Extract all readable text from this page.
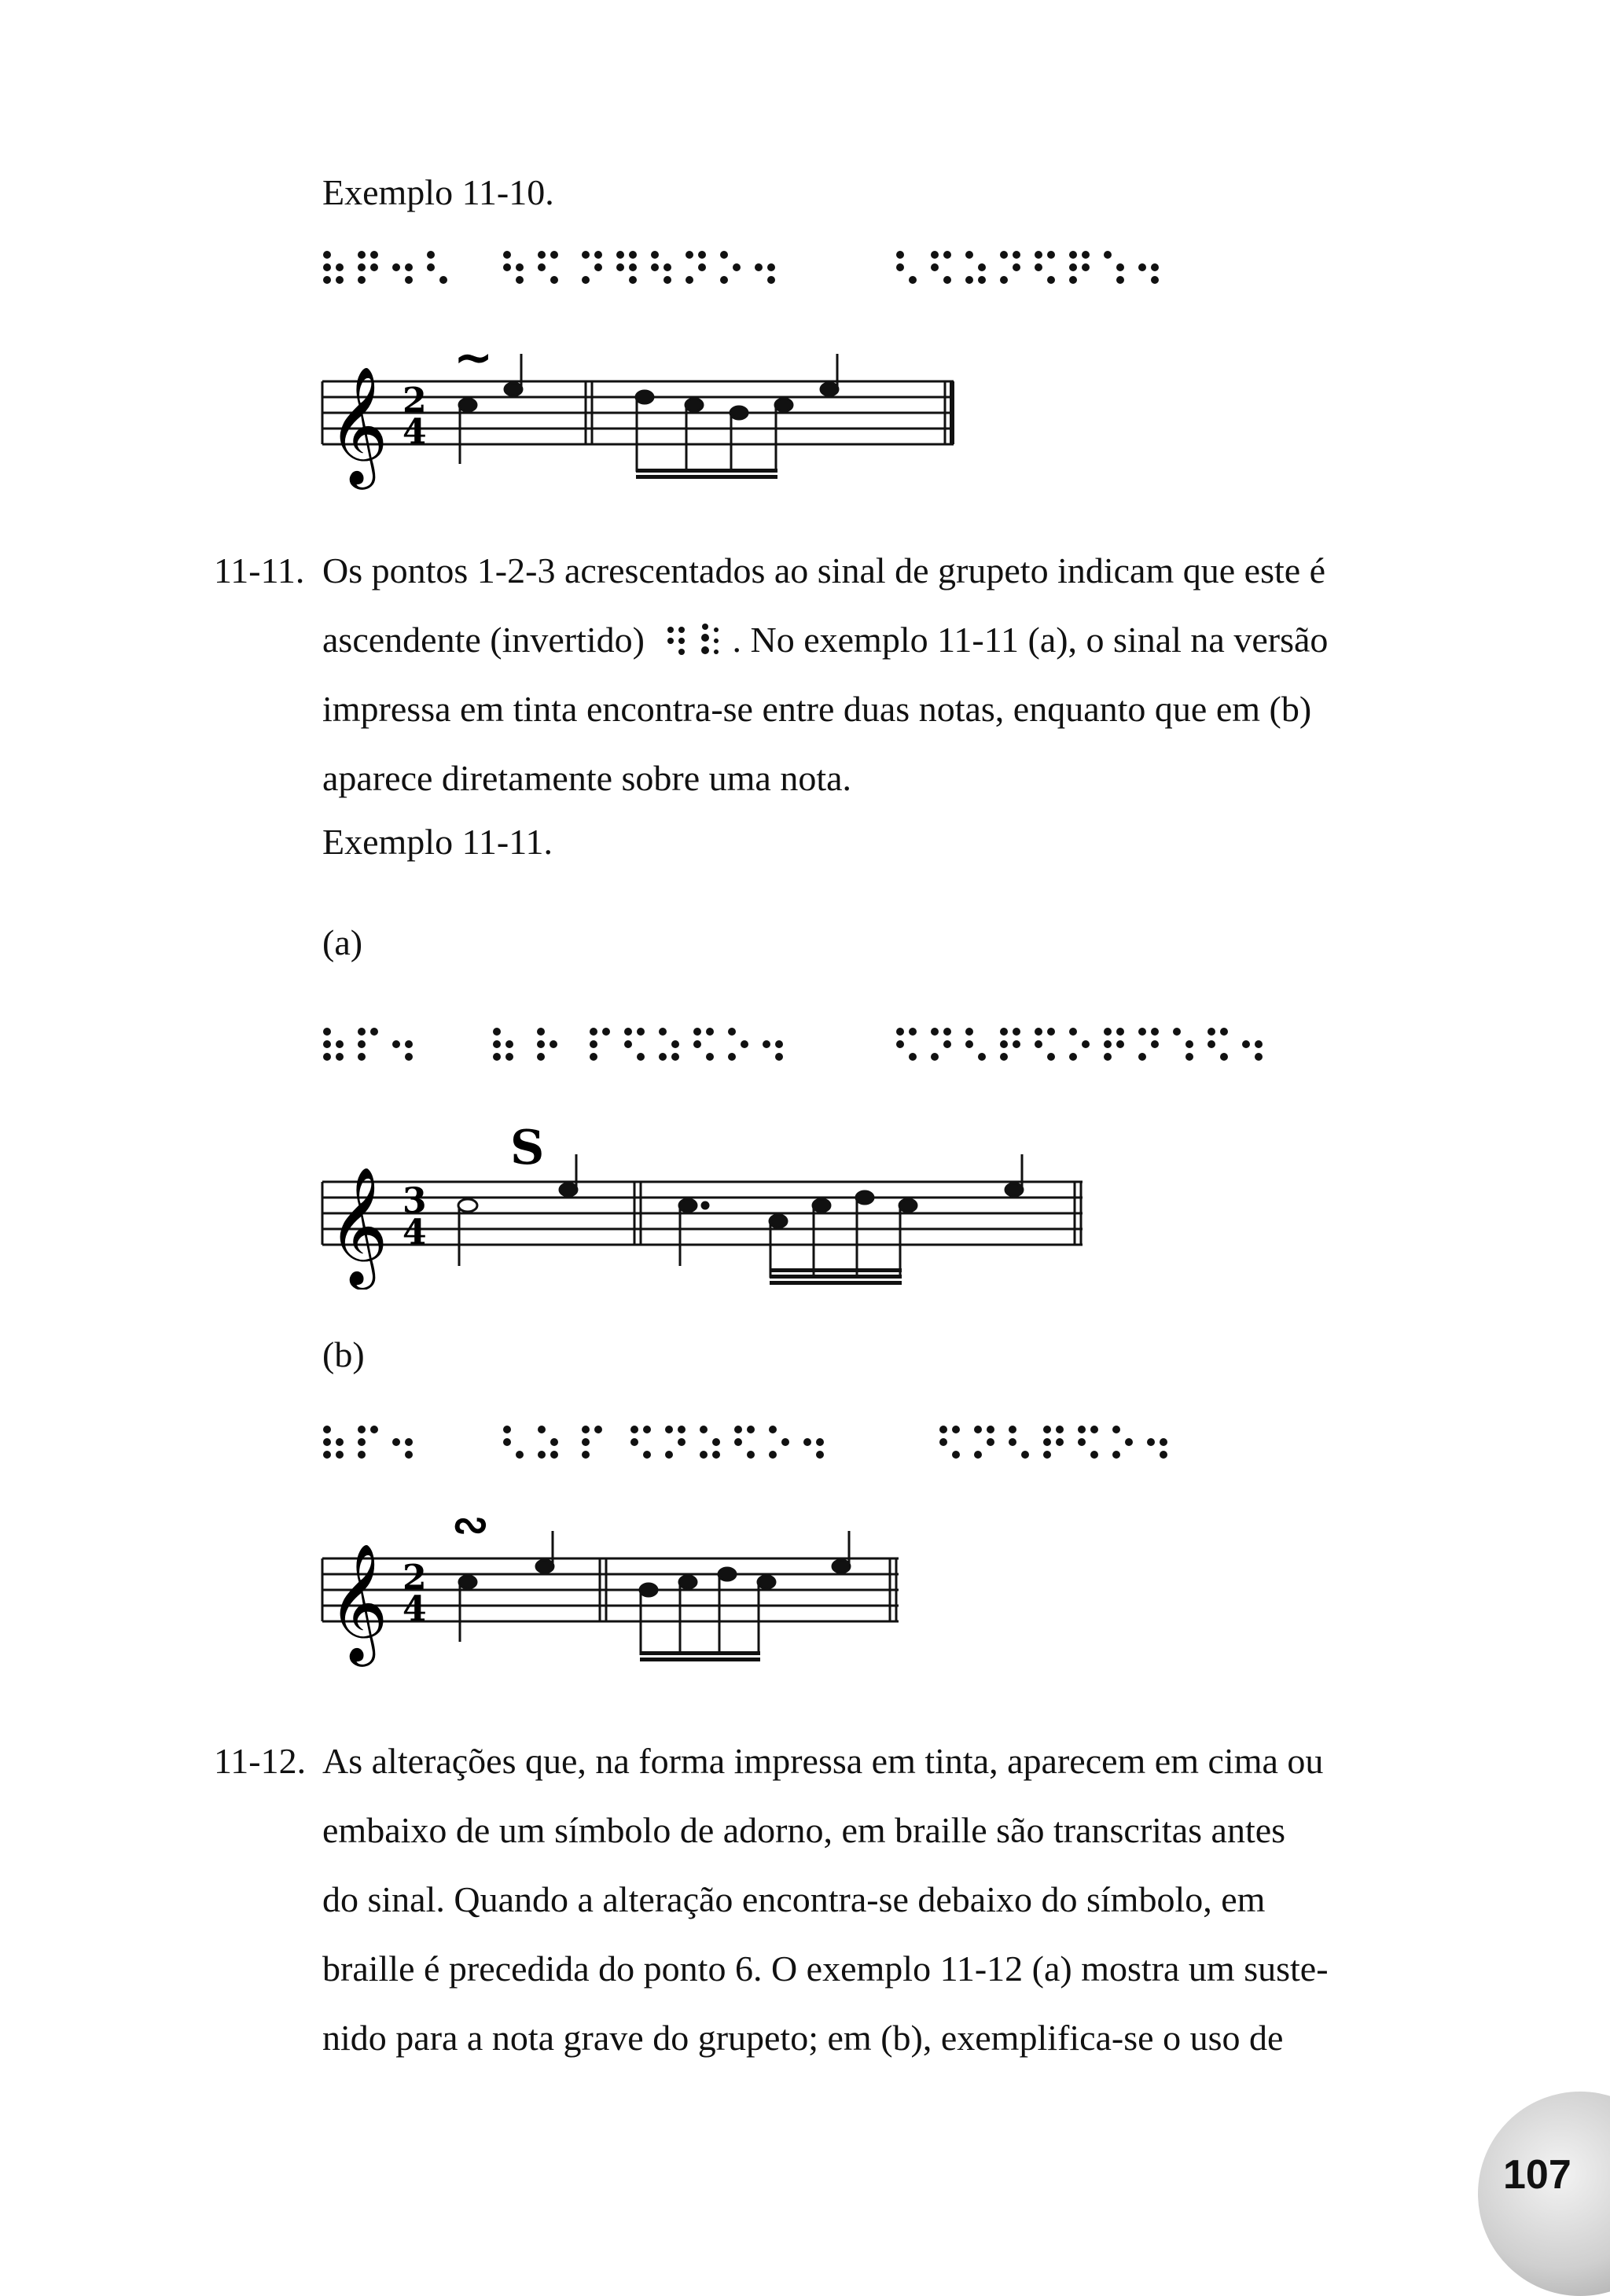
Exemplo 11-10.
𝄞 2
4
~
11-11. Os pontos 1-2-3 acrescentados ao sinal de grupeto indicam que este é
ascendente (invertido) . No exemplo 11-11 (a), o sinal na versão
impressa em tinta encontra-se entre duas notas, enquanto que em (b)
aparece diretamente sobre uma nota.
Exemplo 11-11.
(a)
𝄞 3
4
S
(b)
𝄞 2
4
∾
11-12. As alterações que, na forma impressa em tinta, aparecem em cima ou
embaixo de um símbolo de adorno, em braille são transcritas antes
do sinal. Quando a alteração encontra-se debaixo do símbolo, em
braille é precedida do ponto 6. O exemplo 11-12 (a) mostra um suste-
nido para a nota grave do grupeto; em (b), exemplifica-se o uso de
107
